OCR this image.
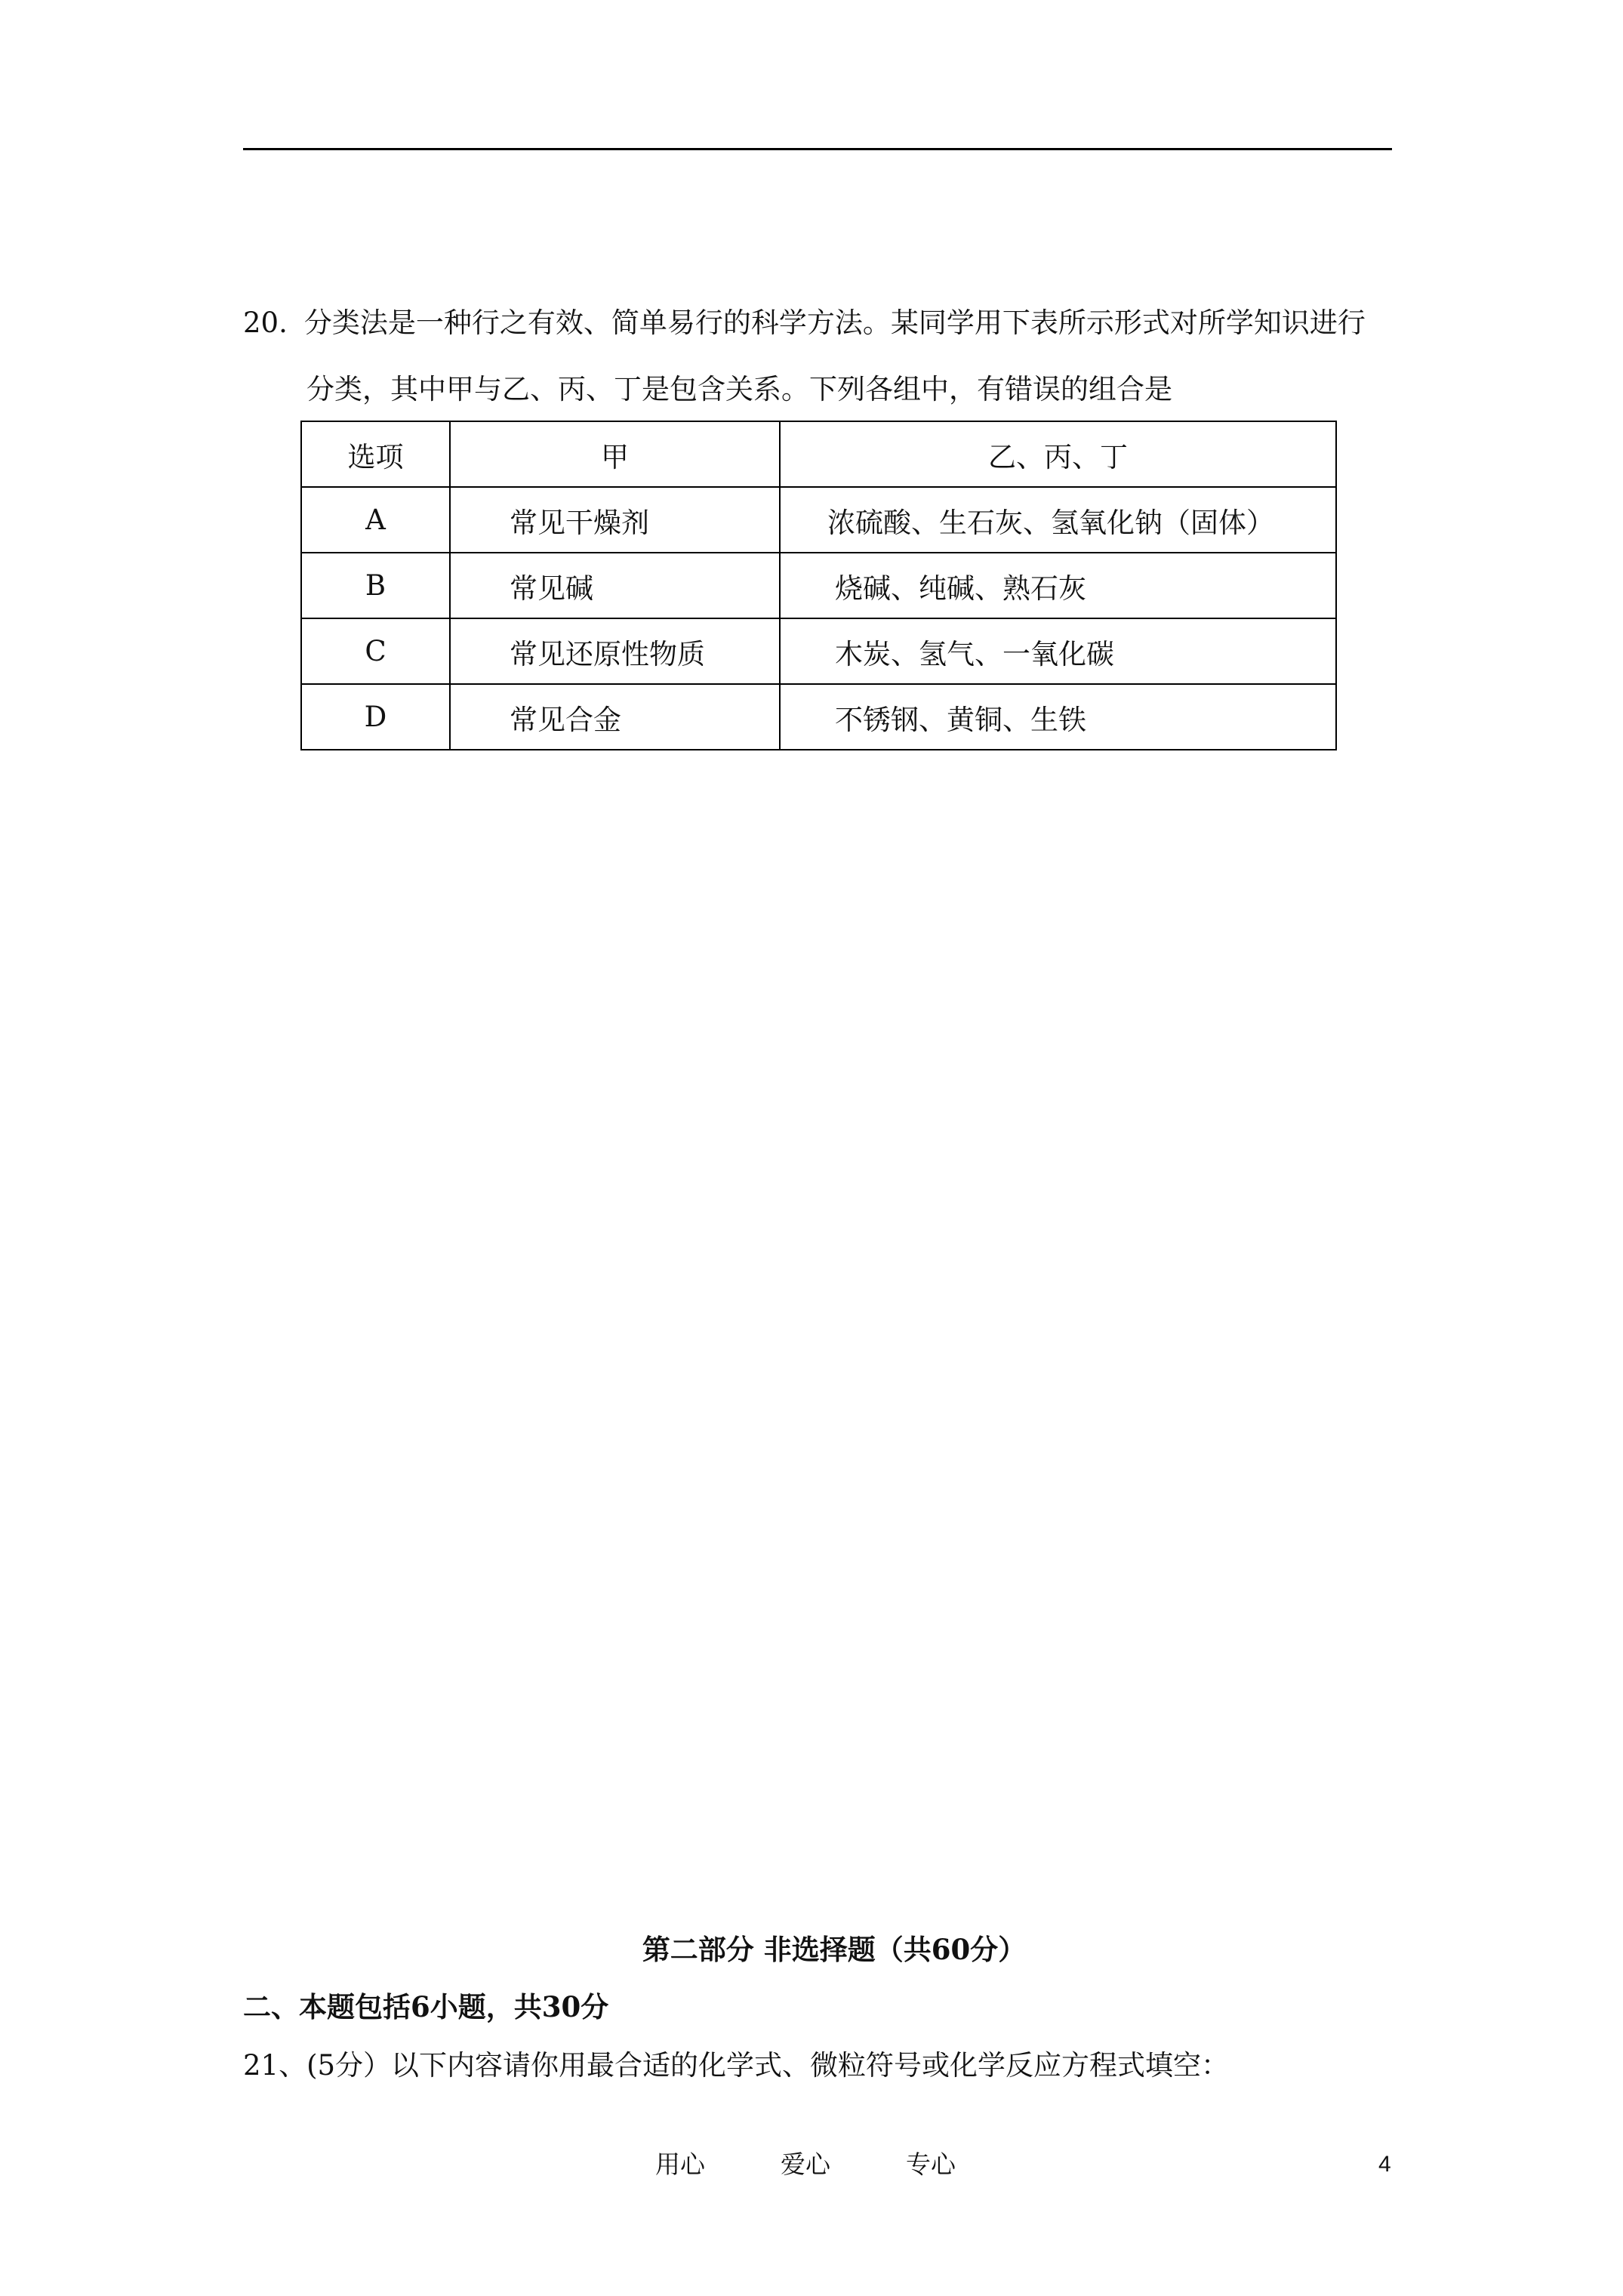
20. 分类法是一种行之有效、简单易行的科学方法。某同学用下表所示形式对所学知识进行
分类，其中甲与乙、丙、丁是包含关系。下列各组中，有错误的组合是
选项	甲	乙、丙、丁
A	常见干燥剂	浓硫酸、生石灰、氢氧化钠（固体）
B	常见碱	烧碱、纯碱、熟石灰
C	常见还原性物质	木炭、氢气、一氧化碳
D	常见合金	不锈钢、黄铜、生铁
第二部分 非选择题（共60分）
二、本题包括6小题，共30分
21、(5分）以下内容请你用最合适的化学式、微粒符号或化学反应方程式填空：
用心	爱心	专心	4
